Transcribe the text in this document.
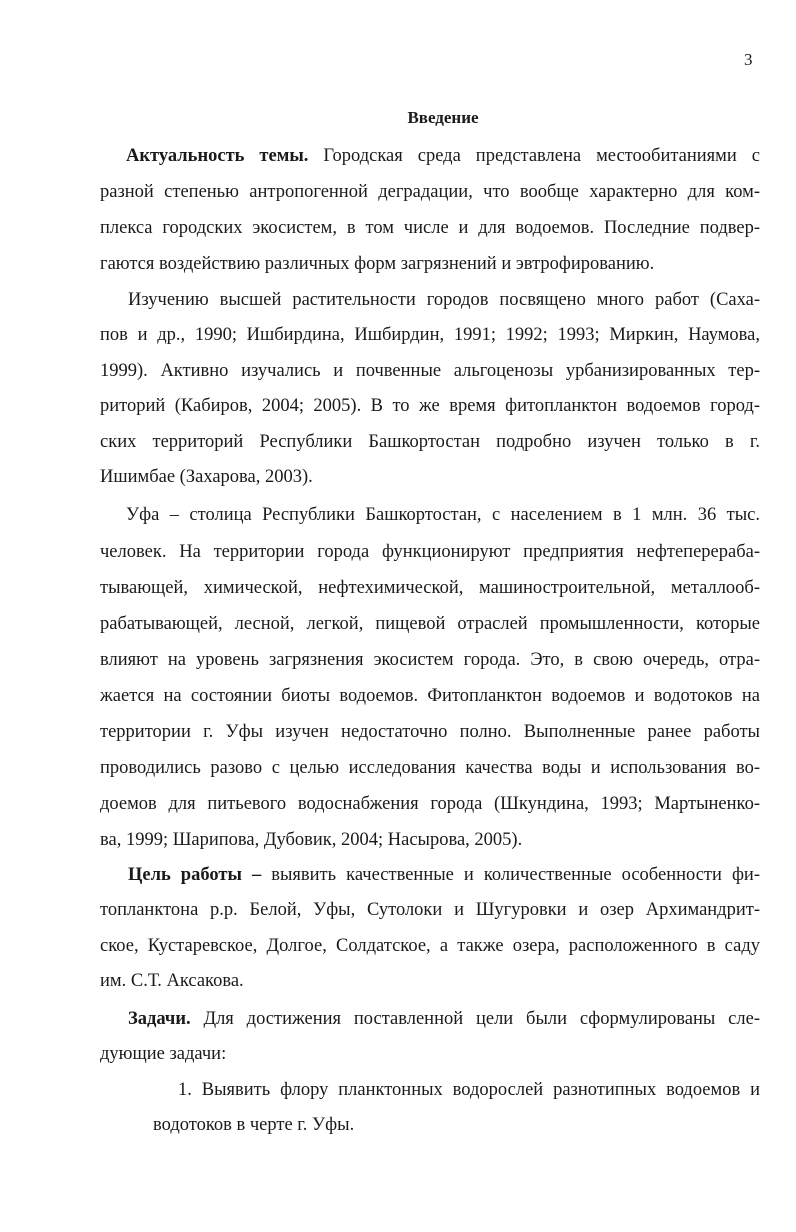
3
Введение
Актуальность темы. Городская среда представлена местообитаниями с
разной степенью антропогенной деградации, что вообще характерно для ком-
плекса городских экосистем, в том числе и для водоемов. Последние подвер-
гаются воздействию различных форм загрязнений и эвтрофированию.
Изучению высшей растительности городов посвящено много работ (Саха-
пов и др., 1990; Ишбирдина, Ишбирдин, 1991; 1992; 1993; Миркин, Наумова,
1999). Активно изучались и почвенные альгоценозы урбанизированных тер-
риторий (Кабиров, 2004; 2005). В то же время фитопланктон водоемов город-
ских территорий Республики Башкортостан подробно изучен только в г.
Ишимбае (Захарова, 2003).
Уфа – столица Республики Башкортостан, с населением в 1 млн. 36 тыс.
человек. На территории города функционируют предприятия нефтеперераба-
тывающей, химической, нефтехимической, машиностроительной, металлооб-
рабатывающей, лесной, легкой, пищевой отраслей промышленности, которые
влияют на уровень загрязнения экосистем города. Это, в свою очередь, отра-
жается на состоянии биоты водоемов. Фитопланктон водоемов и водотоков на
территории г. Уфы изучен недостаточно полно. Выполненные ранее работы
проводились разово с целью исследования качества воды и использования во-
доемов для питьевого водоснабжения города (Шкундина, 1993; Мартыненко-
ва, 1999; Шарипова, Дубовик, 2004; Насырова, 2005).
Цель работы – выявить качественные и количественные особенности фи-
топланктона р.р. Белой, Уфы, Сутолоки и Шугуровки и озер Архимандрит-
ское, Кустаревское, Долгое, Солдатское, а также озера, расположенного в саду
им. С.Т. Аксакова.
Задачи. Для достижения поставленной цели были сформулированы сле-
дующие задачи:
1. Выявить флору планктонных водорослей разнотипных водоемов и
водотоков в черте г. Уфы.
